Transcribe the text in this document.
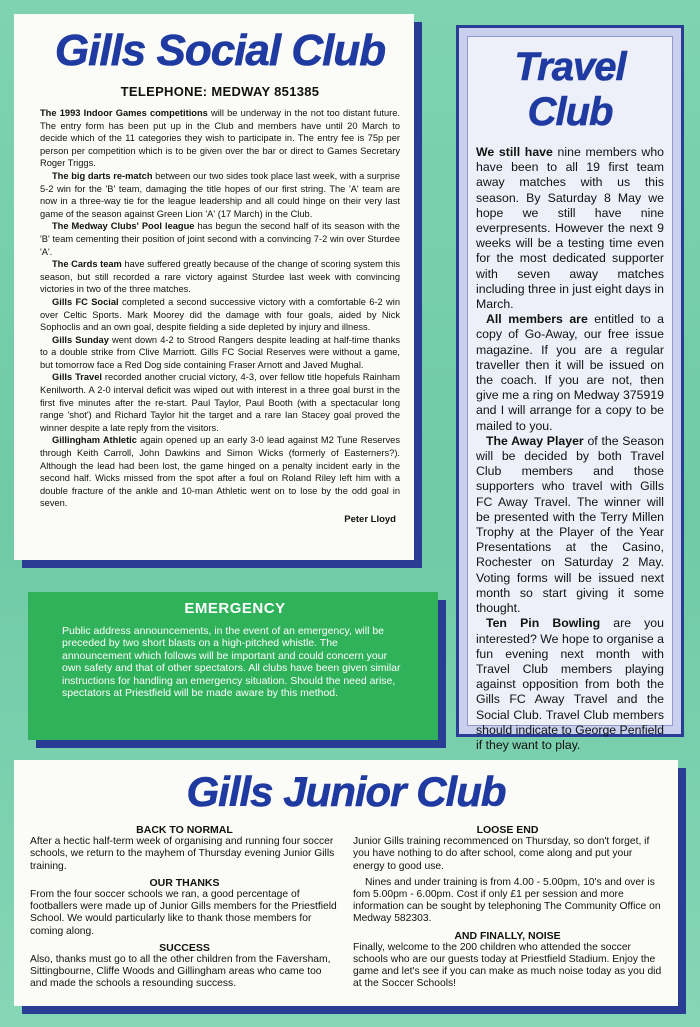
Gills Social Club
TELEPHONE: MEDWAY 851385

The 1993 Indoor Games competitions will be underway in the not too distant future. The entry form has been put up in the Club and members have until 20 March to decide which of the 11 categories they wish to participate in. The entry fee is 75p per person per competition which is to be given over the bar or direct to Games Secretary Roger Triggs.

The big darts re-match between our two sides took place last week, with a surprise 5-2 win for the 'B' team, damaging the title hopes of our first string. The 'A' team are now in a three-way tie for the league leadership and all could hinge on their very last game of the season against Green Lion 'A' (17 March) in the Club.

The Medway Clubs' Pool league has begun the second half of its season with the 'B' team cementing their position of joint second with a convincing 7-2 win over Sturdee 'A'.

The Cards team have suffered greatly because of the change of scoring system this season, but still recorded a rare victory against Sturdee last week with convincing victories in two of the three matches.

Gills FC Social completed a second successive victory with a comfortable 6-2 win over Celtic Sports. Mark Moorey did the damage with four goals, aided by Nick Sophoclis and an own goal, despite fielding a side depleted by injury and illness.

Gills Sunday went down 4-2 to Strood Rangers despite leading at half-time thanks to a double strike from Clive Marriott. Gills FC Social Reserves were without a game, but tomorrow face a Red Dog side containing Fraser Arnott and Javed Mughal.

Gills Travel recorded another crucial victory, 4-3, over fellow title hopefuls Rainham Kenilworth. A 2-0 interval deficit was wiped out with interest in a three goal burst in the first five minutes after the re-start. Paul Taylor, Paul Booth (with a spectacular long range 'shot') and Richard Taylor hit the target and a rare Ian Stacey goal proved the winner despite a late reply from the visitors.

Gillingham Athletic again opened up an early 3-0 lead against M2 Tune Reserves through Keith Carroll, John Dawkins and Simon Wicks (formerly of Easterners?). Although the lead had been lost, the game hinged on a penalty incident early in the second half. Wicks missed from the spot after a foul on Roland Riley left him with a double fracture of the ankle and 10-man Athletic went on to lose by the odd goal in seven.

Peter Lloyd
EMERGENCY

Public address announcements, in the event of an emergency, will be preceded by two short blasts on a high-pitched whistle. The announcement which follows will be important and could concern your own safety and that of other spectators. All clubs have been given similar instructions for handling an emergency situation. Should the need arise, spectators at Priestfield will be made aware by this method.

Travel Club

We still have nine members who have been to all 19 first team away matches with us this season. By Saturday 8 May we hope we still have nine everpresents. However the next 9 weeks will be a testing time even for the most dedicated supporter with seven away matches including three in just eight days in March.

All members are entitled to a copy of Go-Away, our free issue magazine. If you are a regular traveller then it will be issued on the coach. If you are not, then give me a ring on Medway 375919 and I will arrange for a copy to be mailed to you.

The Away Player of the Season will be decided by both Travel Club members and those supporters who travel with Gills FC Away Travel. The winner will be presented with the Terry Millen Trophy at the Player of the Year Presentations at the Casino, Rochester on Saturday 2 May. Voting forms will be issued next month so start giving it some thought.

Ten Pin Bowling are you interested? We hope to organise a fun evening next month with Travel Club members playing against opposition from both the Gills FC Away Travel and the Social Club. Travel Club members should indicate to George Penfield if they want to play.

Gills Junior Club
BACK TO NORMAL

After a hectic half-term week of organising and running four soccer schools, we return to the mayhem of Thursday evening Junior Gills training.

OUR THANKS

From the four soccer schools we ran, a good percentage of footballers were made up of Junior Gills members for the Priestfield School. We would particularly like to thank those members for coming along.

SUCCESS

Also, thanks must go to all the other children from the Faversham, Sittingbourne, Cliffe Woods and Gillingham areas who came too and made the schools a resounding success.

LOOSE END

Junior Gills training recommenced on Thursday, so don't forget, if you have nothing to do after school, come along and put your energy to good use.

Nines and under training is from 4.00 - 5.00pm, 10's and over is fom 5.00pm - 6.00pm. Cost if only £1 per session and more information can be sought by telephoning The Community Office on Medway 582303.

AND FINALLY, NOISE

Finally, welcome to the 200 children who attended the soccer schools who are our guests today at Priestfield Stadium. Enjoy the game and let's see if you can make as much noise today as you did at the Soccer Schools!
